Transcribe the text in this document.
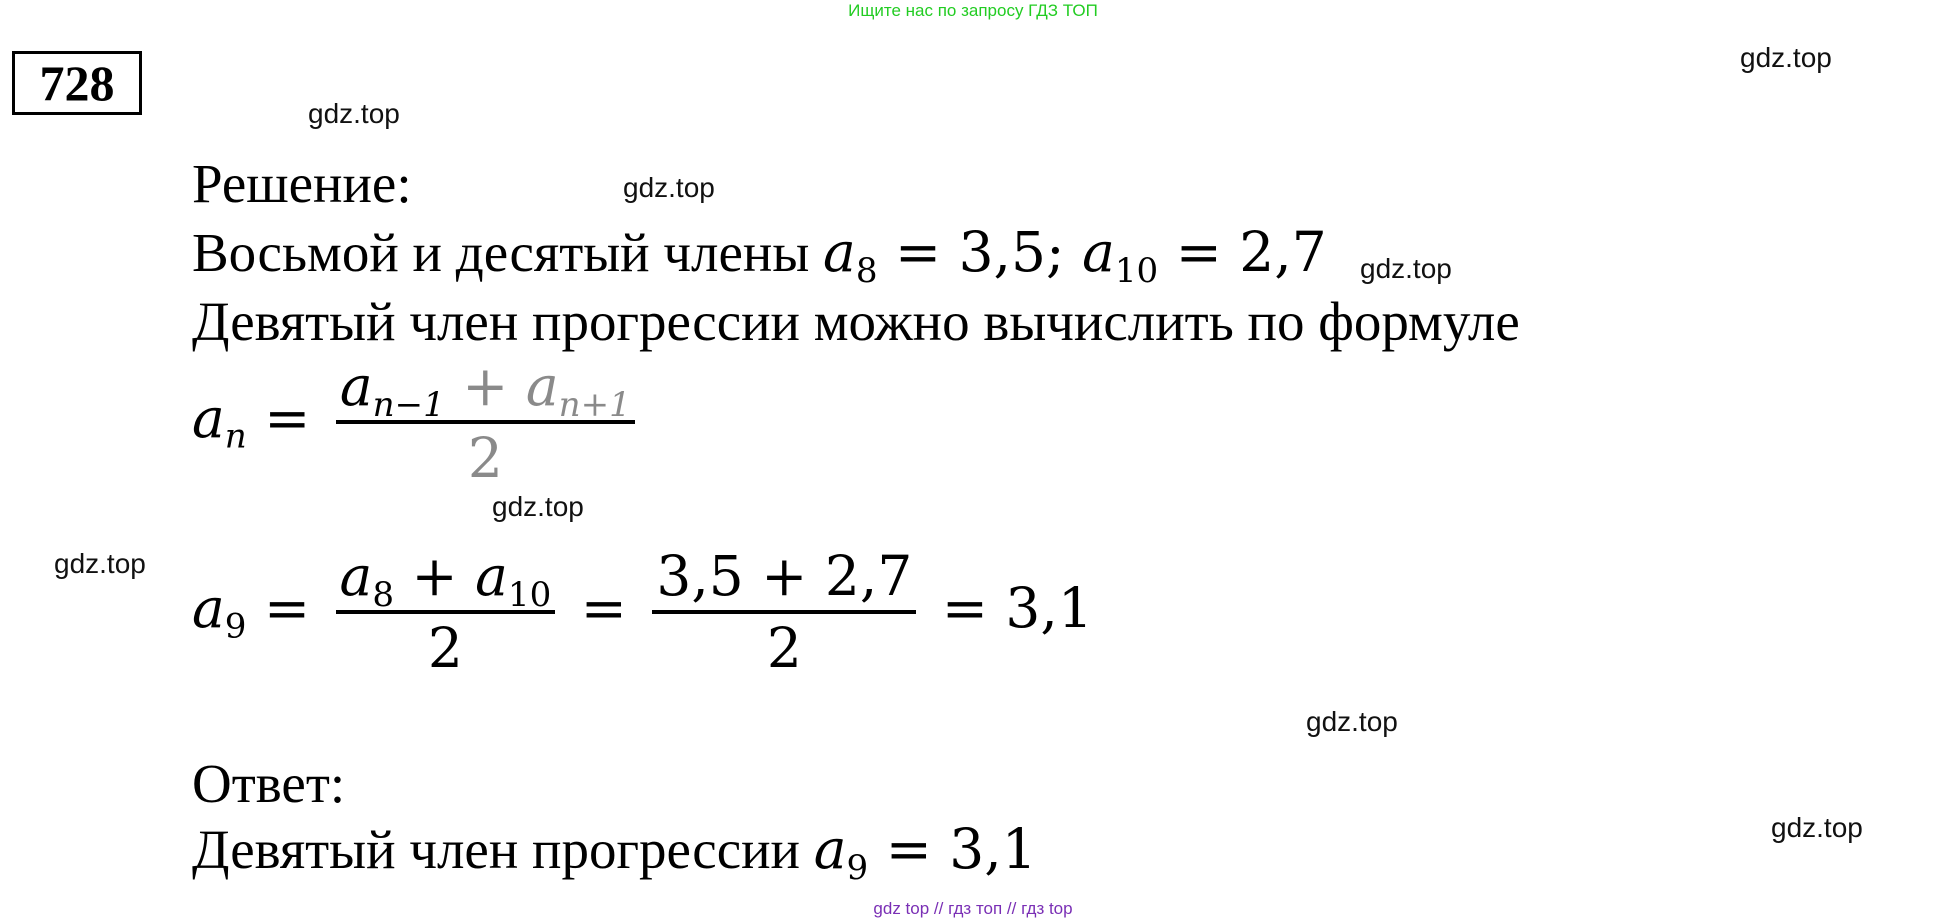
Ищите нас по запросу ГДЗ ТОП
728	gdz.top
gdz.top
gdz.top
gdz.top
gdz.top
gdz.top
gdz.top
gdz.top
Решение:
Восьмой и десятый члены $a_8 = 3,5$; $a_{10} = 2,7$
Девятый член прогрессии можно вычислить по формуле
$a_n = \frac{a_{n-1} + a_{n+1}}{2}$
$a_9 = \frac{a_8 + a_{10}}{2} = \frac{3,5 + 2,7}{2} = 3,1$
Ответ:
Девятый член прогрессии $a_9 = 3,1$
gdz top // гдз топ // гдз top
